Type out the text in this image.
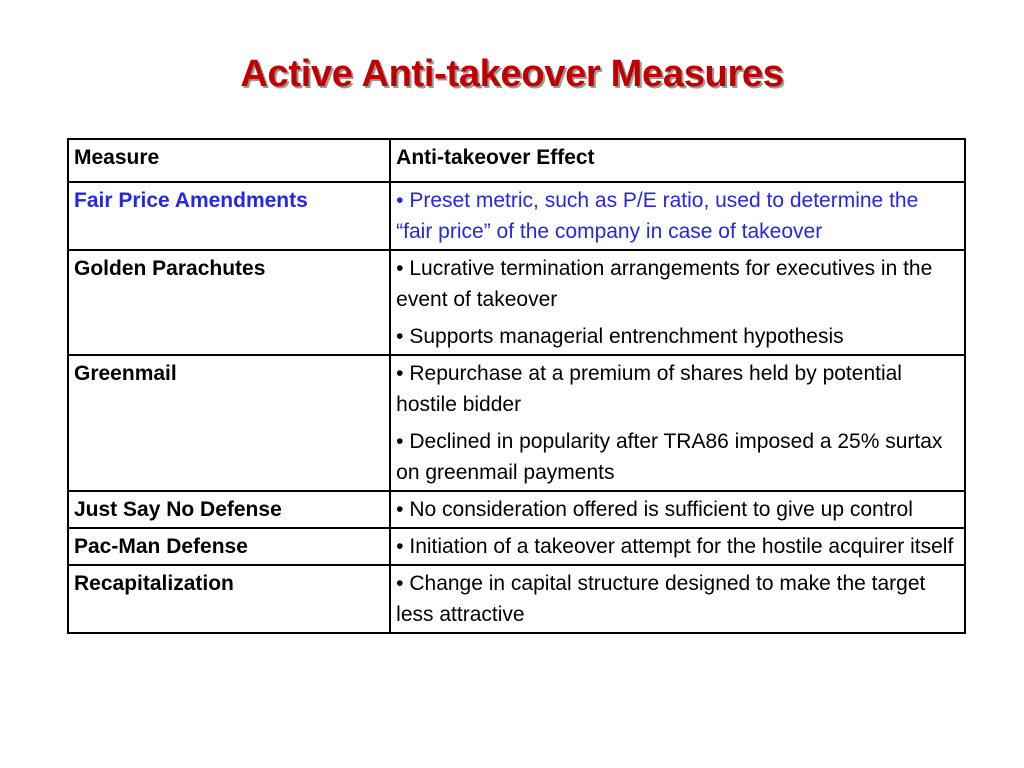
Active Anti-takeover Measures
Measure	Anti-takeover Effect
Fair Price Amendments	• Preset metric, such as P/E ratio, used to determine the “fair price” of the company in case of takeover

Golden Parachutes	• Lucrative termination arrangements for executives in the event of takeover

• Supports managerial entrenchment hypothesis

Greenmail	• Repurchase at a premium of shares held by potential hostile bidder

• Declined in popularity after TRA86 imposed a 25% surtax on greenmail payments

Just Say No Defense	• No consideration offered is sufficient to give up control

Pac-Man Defense	• Initiation of a takeover attempt for the hostile acquirer itself

Recapitalization	• Change in capital structure designed to make the target less attractive
